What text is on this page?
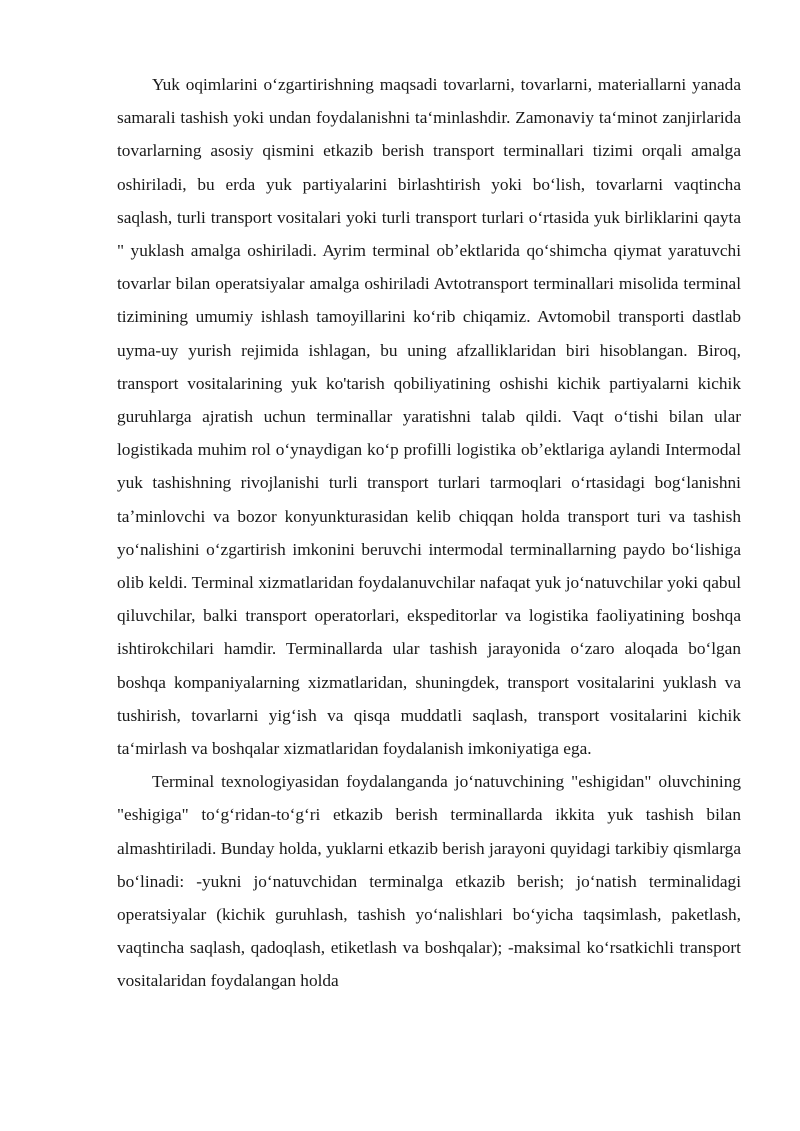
Yuk oqimlarini oʻzgartirishning maqsadi tovarlarni, tovarlarni, materiallarni yanada samarali tashish yoki undan foydalanishni taʻminlashdir. Zamonaviy taʻminot zanjirlarida tovarlarning asosiy qismini etkazib berish transport terminallari tizimi orqali amalga oshiriladi, bu erda yuk partiyalarini birlashtirish yoki boʻlish, tovarlarni vaqtincha saqlash, turli transport vositalari yoki turli transport turlari oʻrtasida yuk birliklarini qayta " yuklash amalga oshiriladi. Ayrim terminal obʼektlarida qoʻshimcha qiymat yaratuvchi tovarlar bilan operatsiyalar amalga oshiriladi Avtotransport terminallari misolida terminal tizimining umumiy ishlash tamoyillarini koʻrib chiqamiz. Avtomobil transporti dastlab uyma-uy yurish rejimida ishlagan, bu uning afzalliklaridan biri hisoblangan. Biroq, transport vositalarining yuk ko'tarish qobiliyatining oshishi kichik partiyalarni kichik guruhlarga ajratish uchun terminallar yaratishni talab qildi. Vaqt oʻtishi bilan ular logistikada muhim rol oʻynaydigan koʻp profilli logistika obʼektlariga aylandi Intermodal yuk tashishning rivojlanishi turli transport turlari tarmoqlari oʻrtasidagi bogʻlanishni taʼminlovchi va bozor konyunkturasidan kelib chiqqan holda transport turi va tashish yoʻnalishini oʻzgartirish imkonini beruvchi intermodal terminallarning paydo boʻlishiga olib keldi. Terminal xizmatlaridan foydalanuvchilar nafaqat yuk joʻnatuvchilar yoki qabul qiluvchilar, balki transport operatorlari, ekspeditorlar va logistika faoliyatining boshqa ishtirokchilari hamdir. Terminallarda ular tashish jarayonida oʻzaro aloqada boʻlgan boshqa kompaniyalarning xizmatlaridan, shuningdek, transport vositalarini yuklash va tushirish, tovarlarni yigʻish va qisqa muddatli saqlash, transport vositalarini kichik taʻmirlash va boshqalar xizmatlaridan foydalanish imkoniyatiga ega.

Terminal texnologiyasidan foydalanganda joʻnatuvchining "eshigidan" oluvchining "eshigiga" toʻgʻridan-toʻgʻri etkazib berish terminallarda ikkita yuk tashish bilan almashtiriladi. Bunday holda, yuklarni etkazib berish jarayoni quyidagi tarkibiy qismlarga boʻlinadi: -yukni joʻnatuvchidan terminalga etkazib berish; joʻnatish terminalidagi operatsiyalar (kichik guruhlash, tashish yoʻnalishlari boʻyicha taqsimlash, paketlash, vaqtincha saqlash, qadoqlash, etiketlash va boshqalar); -maksimal koʻrsatkichli transport vositalaridan foydalangan holda
